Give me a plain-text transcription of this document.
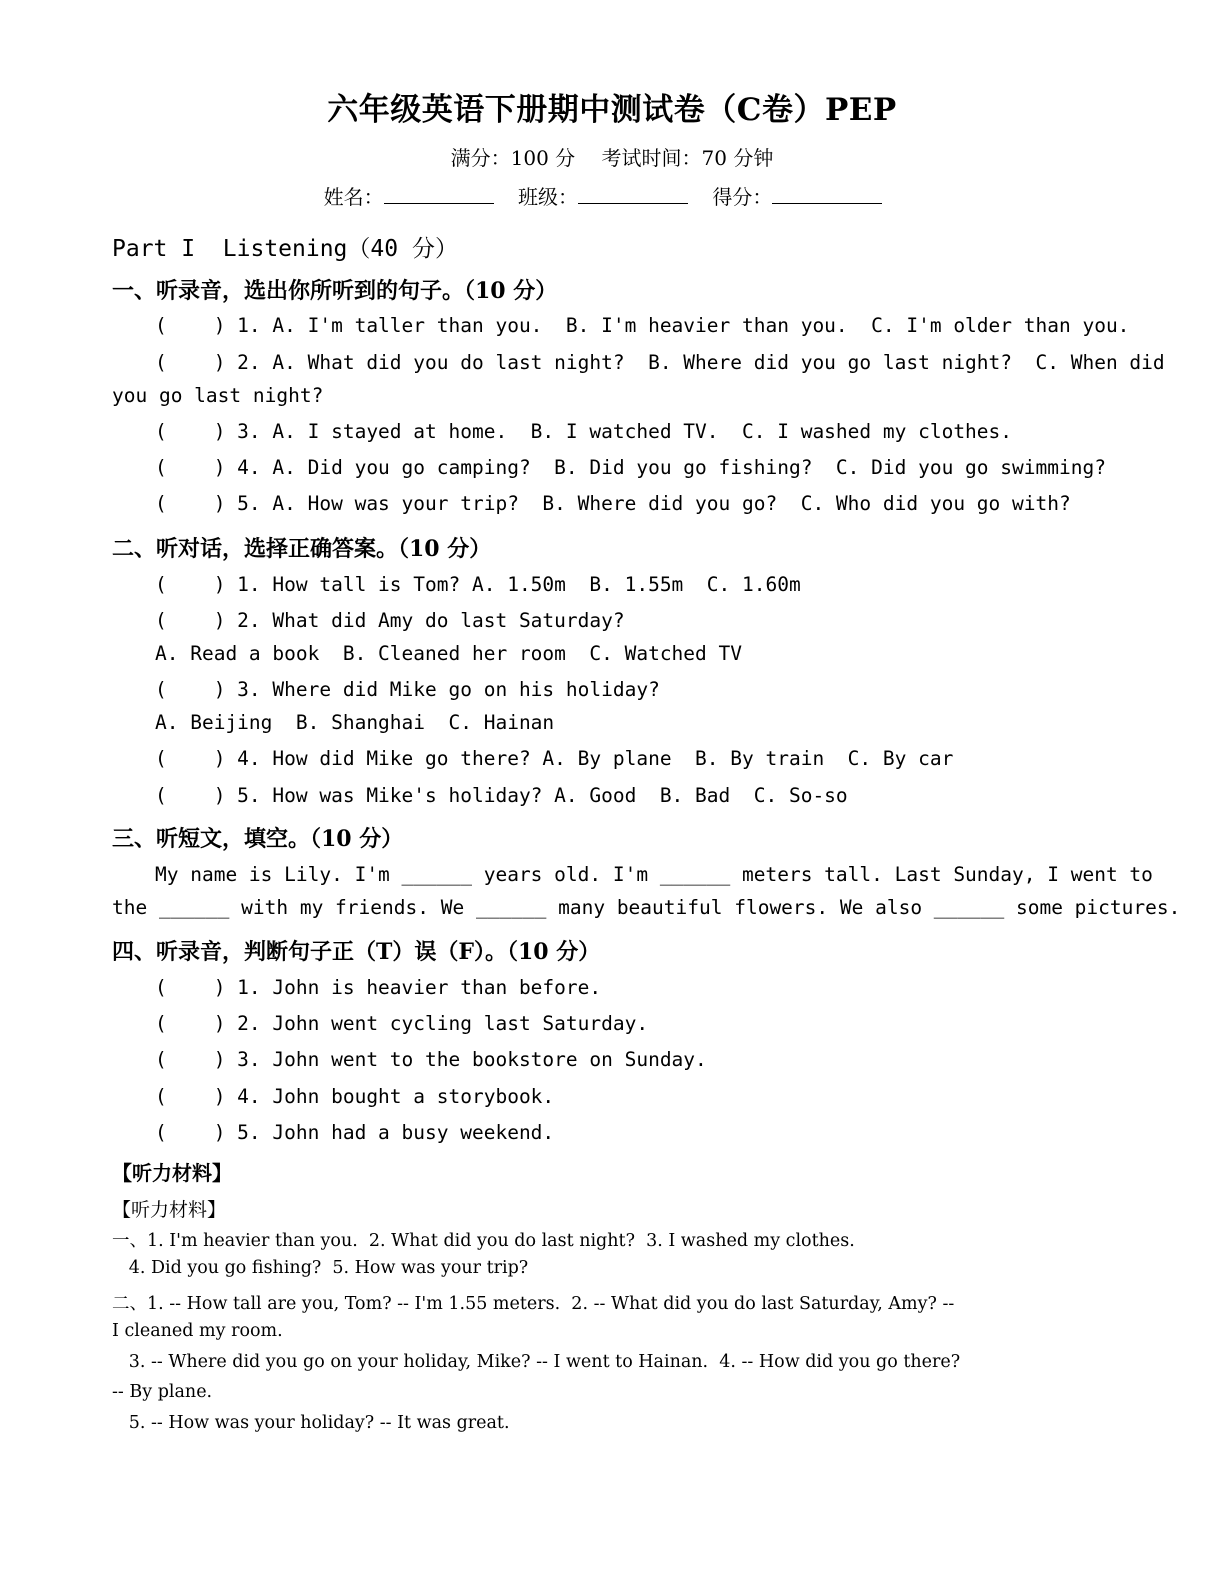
六年级英语下册期中测试卷（C卷）PEP
满分：100 分　 考试时间：70 分钟
姓名：	班级：	得分：
Part I  Listening（40 分）
一、听录音，选出你所听到的句子。（10 分）
(    ) 1. A. I'm taller than you.  B. I'm heavier than you.  C. I'm older than you.
(    ) 2. A. What did you do last night?  B. Where did you go last night?  C. When did
you go last night?
(    ) 3. A. I stayed at home.  B. I watched TV.  C. I washed my clothes.
(    ) 4. A. Did you go camping?  B. Did you go fishing?  C. Did you go swimming?
(    ) 5. A. How was your trip?  B. Where did you go?  C. Who did you go with?
二、听对话，选择正确答案。（10 分）
(    ) 1. How tall is Tom? A. 1.50m  B. 1.55m  C. 1.60m
(    ) 2. What did Amy do last Saturday?
A. Read a book  B. Cleaned her room  C. Watched TV
(    ) 3. Where did Mike go on his holiday?
A. Beijing  B. Shanghai  C. Hainan
(    ) 4. How did Mike go there? A. By plane  B. By train  C. By car
(    ) 5. How was Mike's holiday? A. Good  B. Bad  C. So-so
三、听短文，填空。（10 分）
My name is Lily. I'm ______ years old. I'm ______ meters tall. Last Sunday, I went to
the ______ with my friends. We ______ many beautiful flowers. We also ______ some pictures.
四、听录音，判断句子正（T）误（F）。（10 分）
(    ) 1. John is heavier than before.
(    ) 2. John went cycling last Saturday.
(    ) 3. John went to the bookstore on Sunday.
(    ) 4. John bought a storybook.
(    ) 5. John had a busy weekend.
【听力材料】
【听力材料】
一、1. I'm heavier than you.  2. What did you do last night?  3. I washed my clothes.
4. Did you go fishing?  5. How was your trip?
二、1. -- How tall are you, Tom? -- I'm 1.55 meters.  2. -- What did you do last Saturday, Amy? --
I cleaned my room.
3. -- Where did you go on your holiday, Mike? -- I went to Hainan.  4. -- How did you go there?
-- By plane.
5. -- How was your holiday? -- It was great.
